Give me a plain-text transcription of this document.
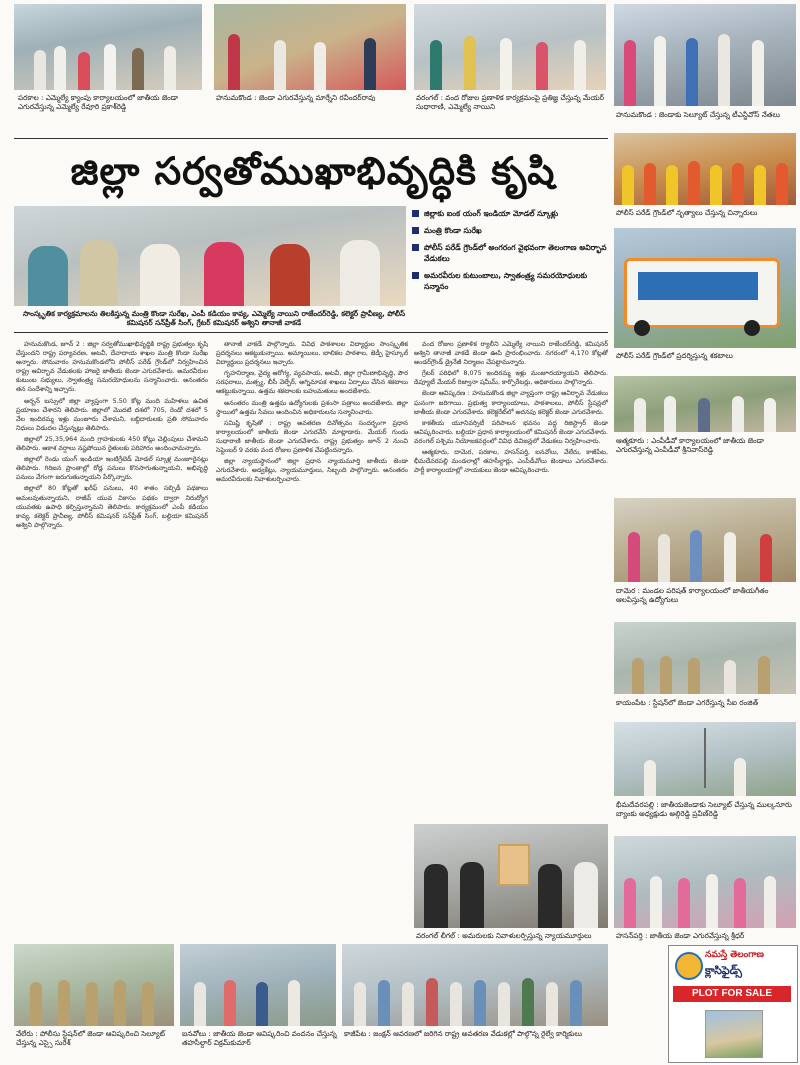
పరకాల : ఎమ్మెల్యే క్యాంపు కార్యాలయంలో జాతీయ జెండా ఎగురవేస్తున్న ఎమ్మెల్యే రేవూరి ప్రకాశ్‌రెడ్డి
హనుమకొండ : జెండా ఎగురవేస్తున్న మార్నేని రవీందర్‌రావు	వరంగల్ : వంద రోజుల ప్రణాళిక కార్యక్రమంపై ప్రతిజ్ఞ చేస్తున్న మేయర్ సుధారాణి, ఎమ్మెల్యే నాయిని
హనుమకొండ : జెండాకు సెల్యూట్ చేస్తున్న టీఎన్జీవోస్ నేతలు
జిల్లా సర్వతోముఖాభివృద్ధికి కృషి
పోలీస్ పరేడ్ గ్రౌండ్‌లో నృత్యాలు చేస్తున్న చిన్నారులు
సాంస్కృతిక కార్యక్రమాలను తిలకిస్తున్న మంత్రి కొండా సురేఖ, ఎంపీ కడియం కావ్య, ఎమ్మెల్యే నాయిని రాజేందర్‌రెడ్డి, కలెక్టర్ ప్రావీణ్య, పోలీస్ కమిషనర్ సన్‌ప్రీత్ సింగ్, గ్రేటర్ కమిషనర్ అశ్విని తానాజీ వాకడే
జిల్లాకు ఐంక యంగ్ ఇండియా మోడల్ స్కూళ్లు
మంత్రి కొండా సురేఖ
పోలీస్ పరేడ్ గ్రౌండ్‌లో అంగరంగ వైభవంగా తెలంగాణ అవిర్భావ వేడుకలు
అమరవీరుల కుటుంబాలు, స్వాతంత్ర్య సమరయోధులకు సన్మానం
పోలీస్ పరేడ్ గ్రౌండ్‌లో ప్రదర్శిస్తున్న శకటాలు

హనుమకొండ, జూన్ 2 : జిల్లా సర్వతోముఖాభివృద్ధికి రాష్ట్ర ప్రభుత్వం కృషి చేస్తుందని రాష్ట్ర పర్యావరణ, అటవీ, దేవాదాయ శాఖల మంత్రి కొండా సురేఖ అన్నారు. సోమవారం హనుమకొండలోని పోలీస్ పరేడ్ గ్రౌండ్‌లో నిర్వహించిన రాష్ట్ర ఆవిర్భావ వేడుకలకు హాజరై జాతీయ జెండా ఎగురవేశారు. అమరవీరుల కుటుంబ సభ్యులు, స్వాతంత్ర్య సమరయోధులను సన్మానించారు. అనంతరం తన సందేశాన్ని ఇచ్చారు.

అర్బన్ బస్సులో జిల్లా వ్యాప్తంగా 5.50 కోట్ల మంది మహిళలు ఉచిత ప్రయాణం చేశారని తెలిపారు. జిల్లాలో మొదటి దశలో 705, రెండో దశలో 5 వేల ఇందిరమ్మ ఇళ్లు మంజూరు చేశామని, లబ్దిదారులకు ప్రతి సోమవారం నిధులు విడుదల చేస్తున్నట్లు తెలిపారు.

జిల్లాలో 25,35,964 మంది గ్రాహకులకు 450 కోట్లు చెల్లింపులు చేశామని తెలిపారు. ఆకాశ వర్షాలు నష్టపోయిన రైతులకు పరిహారం అందించామన్నారు.

జిల్లాలో రెండు యంగ్ ఇండియా ఇంటిగ్రేటెడ్ మోడల్ స్కూళ్ల మంజూరైనట్లు తెలిపారు. గిరిజన ప్రాంతాల్లో రోడ్ల పనులు కొనసాగుతున్నాయని, అభివృద్ధి పనులు వేగంగా జరుగుతున్నాయని పేర్కొన్నారు.

జిల్లాలో 80 కోట్లతో ఖరీఫ్ పనులు, 40 శాతం సబ్సిడీ పథకాలు అమలవుతున్నాయని, రాజీవ్ యువ వికాసం పథకం ద్వారా నిరుద్యోగ యువతకు ఉపాధి కల్పిస్తున్నామని తెలిపారు. కార్యక్రమంలో ఎంపీ కడియం కావ్య, కలెక్టర్ ప్రావీణ్య, పోలీస్ కమిషనర్ సన్‌ప్రీత్ సింగ్, బల్దియా కమిషనర్ అశ్విని పాల్గొన్నారు.

తానాజీ వాకడే పాల్గొన్నారు. వివిధ పాఠశాలల విద్యార్థుల సాంస్కృతిక ప్రదర్శనలు ఆకట్టుకున్నాయి. అమ్మాయిలు, బాలికల పాఠశాల, జెడ్పీ హైస్కూల్ విద్యార్థులు ప్రదర్శనలు ఇచ్చారు.

గృహనిర్మాణ, వైద్య ఆరోగ్య, వ్యవసాయ, అటవీ, జిల్లా గ్రామీణాభివృద్ధి, పౌర సరఫరాలు, మత్స్య, బీసీ వెల్ఫేర్, అగ్నిమాపక శాఖలు ఏర్పాటు చేసిన శకటాలు ఆకట్టుకున్నాయి. ఉత్తమ శకటాలకు బహుమతులు అందజేశారు.

అనంతరం మంత్రి ఉత్తమ ఉద్యోగులకు ప్రశంసా పత్రాలు అందజేశారు. జిల్లా స్థాయిలో ఉత్తమ సేవలు అందించిన అధికారులను సన్మానించారు.

సమిష్టి కృషితో : రాష్ట్ర అవతరణ దినోత్సవం సందర్భంగా ప్రధాన కార్యాలయంలో జాతీయ జెండా ఎగురవేసి మాట్లాడారు. మేయర్ గుండు సుధారాణి జాతీయ జెండా ఎగురవేశారు. రాష్ట్ర ప్రభుత్వం జూన్ 2 నుంచి సెప్టెంబర్ 9 వరకు వంద రోజుల ప్రణాళిక చేపట్టిందన్నారు.

జిల్లా న్యాయస్థానంలో జిల్లా ప్రధాన న్యాయమూర్తి జాతీయ జెండా ఎగురవేశారు. అడ్వకేట్లు, న్యాయమూర్తులు, సిబ్బంది పాల్గొన్నారు. అనంతరం అమరవీరులకు నివాళులర్పించారు.

వంద రోజుల ప్రణాళిక ర్యాలీని ఎమ్మెల్యే నాయిని రాజేందర్‌రెడ్డి, కమిషనర్ అశ్విని తానాజీ వాకడే జెండా ఊపి ప్రారంభించారు. నగరంలో 4,170 కోట్లతో అండర్‌గ్రౌండ్ డ్రైనేజీ నిర్మాణం చేపట్టామన్నారు.

గ్రేటర్ పరిధిలో 8,075 ఇందిరమ్మ ఇళ్లు మంజూరయ్యాయని తెలిపారు. డిప్యూటీ మేయర్ రిజ్వానా షమీమ్, కార్పొరేటర్లు, అధికారులు పాల్గొన్నారు.

జెండా ఆవిష్కరణ : హనుమకొండ జిల్లా వ్యాప్తంగా రాష్ట్ర ఆవిర్భావ వేడుకలు ఘనంగా జరిగాయి. ప్రభుత్వ కార్యాలయాలు, పాఠశాలలు, పోలీస్ స్టేషన్లలో జాతీయ జెండా ఎగురవేశారు. కలెక్టరేట్‌లో అదనపు కలెక్టర్ జెండా ఎగురవేశారు.

కాకతీయ యూనివర్సిటీ పరిపాలన భవనం వద్ద రిజిస్ట్రార్ జెండా ఆవిష్కరించారు. బల్దియా ప్రధాన కార్యాలయంలో కమిషనర్ జెండా ఎగురవేశారు. వరంగల్ పశ్చిమ నియోజకవర్గంలో వివిధ డివిజన్లలో వేడుకలు నిర్వహించారు.

ఆత్మకూరు, దామెర, పరకాల, హసన్‌పర్తి, ఐనవోలు, వేలేరు, కాజీపేట, భీమదేవరపల్లి మండలాల్లో తహసీల్దార్లు, ఎంపీడీవోలు జెండాలు ఎగురవేశారు. పార్టీ కార్యాలయాల్లో నాయకులు జెండా ఆవిష్కరించారు.

ఆత్మకూరు : ఎంపీడీవో కార్యాలయంలో జాతీయ జెండా ఎగురవేస్తున్న ఎంపీడీవో శ్రీనివాస్‌రెడ్డి
దామెర : మండల పరిషత్ కార్యాలయంలో జాతీయగీతం ఆలపిస్తున్న ఉద్యోగులు
కాయంపేట : స్టేషన్‌లో జెండా ఎగరేస్తున్న సీఐ రంజిత్
భీమదేవరపల్లి : జాతీయజెండాకు సెల్యూట్ చేస్తున్న ముల్కనూరు బ్యాంకు అధ్యక్షుడు అల్గిరెడ్డి ప్రవీణ్‌రెడ్డి
వరంగల్ లీగల్ : అమరులకు నివాళులర్పిస్తున్న న్యాయమూర్తులు	హసన్‌పర్తి : జాతీయ జెండా ఎగురవేస్తున్న శ్రీధర్
వేలేరు : పోలీసు స్టేషన్‌లో జెండా ఆవిష్కరించి సెల్యూట్ చేస్తున్న ఎస్సై సురేశ్
ఐనవోలు : జాతీయ జెండా ఆవిష్కరించి వందనం చేస్తున్న తహసీల్దార్ విక్రమ్‌కుమార్
కాజీపేట : జంక్షన్ ఆవరణలో జరిగిన రాష్ట్ర అవతరణ వేడుకల్లో పాల్గొన్న రైల్వే కార్మికులు
నమస్తే తెలంగాణ
క్లాసిఫైడ్స్
PLOT FOR SALE
